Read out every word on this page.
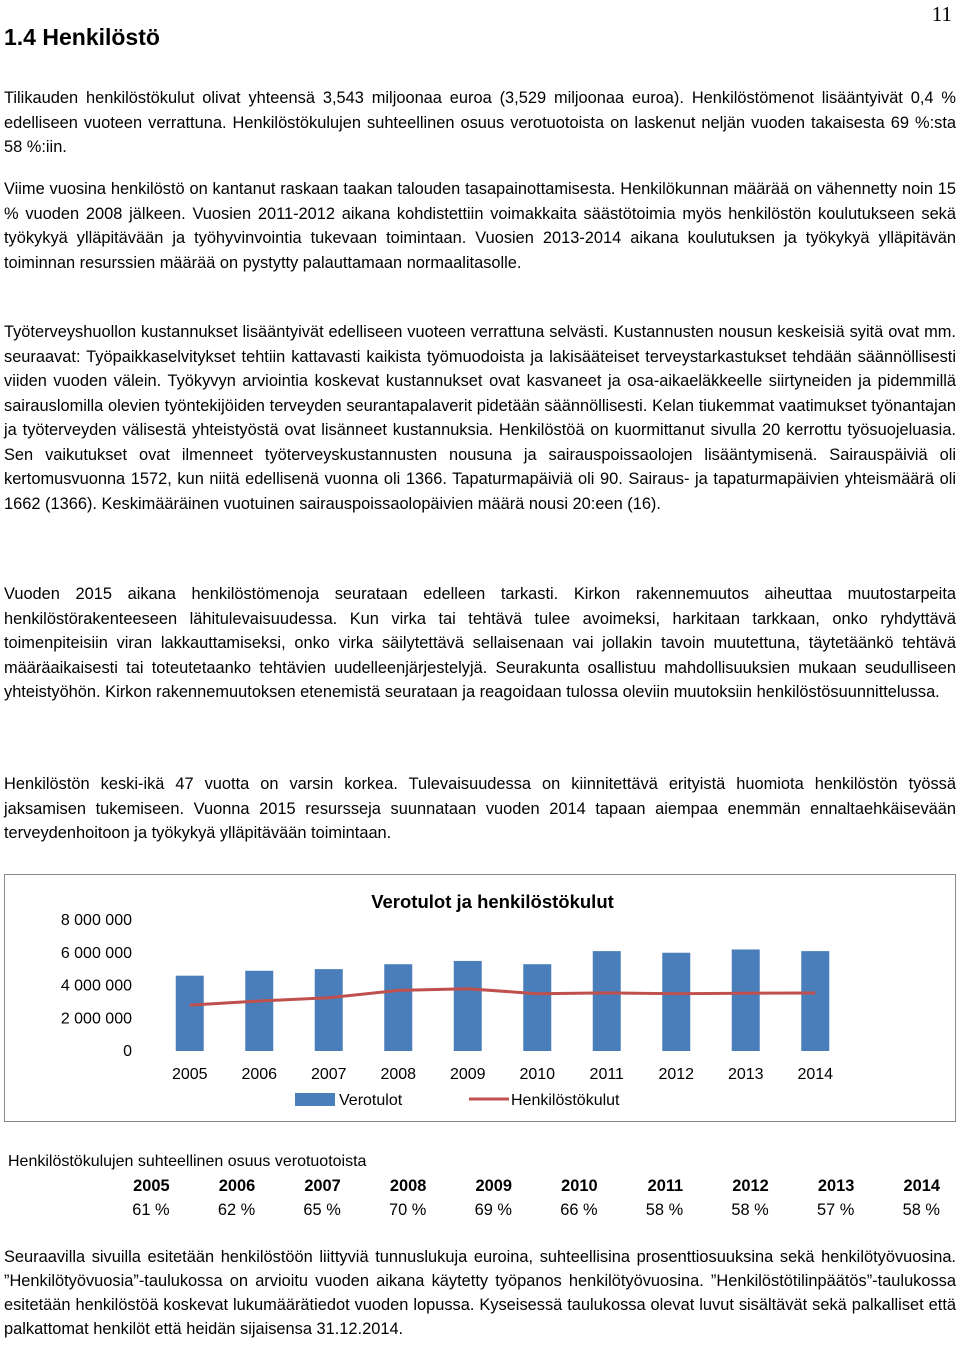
11
1.4 Henkilöstö

Tilikauden henkilöstökulut olivat yhteensä 3,543 miljoonaa euroa (3,529 miljoonaa euroa). Henkilöstömenot lisääntyivät 0,4 % edelliseen vuoteen verrattuna. Henkilöstökulujen suhteellinen osuus verotuotoista on laskenut neljän vuoden takaisesta 69 %:sta 58 %:iin.

Viime vuosina henkilöstö on kantanut raskaan taakan talouden tasapainottamisesta. Henkilökunnan määrää on vähennetty noin 15 % vuoden 2008 jälkeen. Vuosien 2011-2012 aikana kohdistettiin voimakkaita säästötoimia myös henkilöstön koulutukseen sekä työkykyä ylläpitävään ja työhyvinvointia tukevaan toimintaan. Vuosien 2013-2014 aikana koulutuksen ja työkykyä ylläpitävän toiminnan resurssien määrää on pystytty palauttamaan normaalitasolle.

Työterveyshuollon kustannukset lisääntyivät edelliseen vuoteen verrattuna selvästi. Kustannusten nousun keskeisiä syitä ovat mm. seuraavat: Työpaikkaselvitykset tehtiin kattavasti kaikista työmuodoista ja lakisääteiset terveystarkastukset tehdään säännöllisesti viiden vuoden välein. Työkyvyn arviointia koskevat kustannukset ovat kasvaneet ja osa-aikaeläkkeelle siirtyneiden ja pidemmillä sairauslomilla olevien työntekijöiden terveyden seurantapalaverit pidetään säännöllisesti. Kelan tiukemmat vaatimukset työnantajan ja työterveyden välisestä yhteistyöstä ovat lisänneet kustannuksia. Henkilöstöä on kuormittanut sivulla 20 kerrottu työsuojeluasia. Sen vaikutukset ovat ilmenneet työterveyskustannusten nousuna ja sairauspoissaolojen lisääntymisenä. Sairauspäiviä oli kertomusvuonna 1572, kun niitä edellisenä vuonna oli 1366. Tapaturmapäiviä oli 90. Sairaus- ja tapaturmapäivien yhteismäärä oli 1662 (1366). Keskimääräinen vuotuinen sairauspoissaolopäivien määrä nousi 20:een (16).

Vuoden 2015 aikana henkilöstömenoja seurataan edelleen tarkasti. Kirkon rakennemuutos aiheuttaa muutostarpeita henkilöstörakenteeseen lähitulevaisuudessa. Kun virka tai tehtävä tulee avoimeksi, harkitaan tarkkaan, onko ryhdyttävä toimenpiteisiin viran lakkauttamiseksi, onko virka säilytettävä sellaisenaan vai jollakin tavoin muutettuna, täytetäänkö tehtävä määräaikaisesti tai toteutetaanko tehtävien uudelleenjärjestelyjä. Seurakunta osallistuu mahdollisuuksien mukaan seudulliseen yhteistyöhön. Kirkon rakennemuutoksen etenemistä seurataan ja reagoidaan tulossa oleviin muutoksiin henkilöstösuunnittelussa.

Henkilöstön keski-ikä 47 vuotta on varsin korkea. Tulevaisuudessa on kiinnitettävä erityistä huomiota henkilöstön työssä jaksamisen tukemiseen. Vuonna 2015 resursseja suunnataan vuoden 2014 tapaan aiempaa enemmän ennaltaehkäisevään terveydenhoitoon ja työkykyä ylläpitävään toimintaan.

Verotulot ja henkilöstökulut
0
2 000 000
4 000 000
6 000 000
8 000 000
2005 2006 2007 2008 2009 2010 2011 2012 2013 2014
Verotulot	Henkilöstökulut

Henkilöstökulujen suhteellinen osuus verotuotoista

2005	2006	2007	2008	2009	2010	2011	2012	2013	2014
61 %	62 %	65 %	70 %	69 %	66 %	58 %	58 %	57 %	58 %

Seuraavilla sivuilla esitetään henkilöstöön liittyviä tunnuslukuja euroina, suhteellisina prosenttiosuuksina sekä henkilötyövuosina. ”Henkilötyövuosia”-taulukossa on arvioitu vuoden aikana käytetty työpanos henkilötyövuosina. ”Henkilöstötilinpäätös”-taulukossa esitetään henkilöstöä koskevat lukumäärätiedot vuoden lopussa. Kyseisessä taulukossa olevat luvut sisältävät sekä palkalliset että palkattomat henkilöt että heidän sijaisensa 31.12.2014.
